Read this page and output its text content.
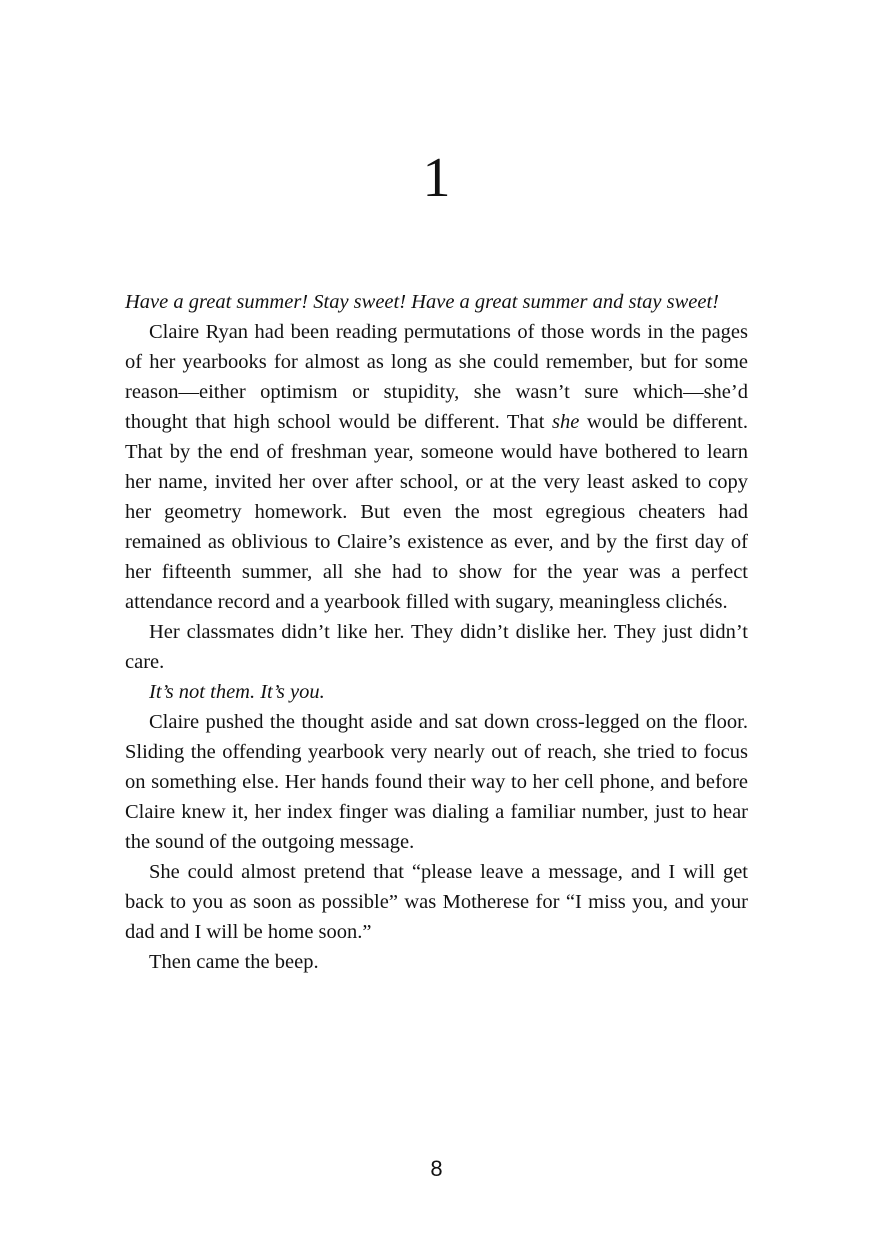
1

Have a great summer! Stay sweet! Have a great summer and stay sweet!

Claire Ryan had been reading permutations of those words in the pages of her yearbooks for almost as long as she could remember, but for some reason—either optimism or stupidity, she wasn’t sure which—she’d thought that high school would be different. That she would be different. That by the end of freshman year, someone would have bothered to learn her name, invited her over after school, or at the very least asked to copy her geometry homework. But even the most egregious cheaters had remained as oblivious to Claire’s existence as ever, and by the first day of her fifteenth summer, all she had to show for the year was a perfect attendance record and a yearbook filled with sugary, meaningless clichés.

Her classmates didn’t like her. They didn’t dislike her. They just didn’t care.

It’s not them. It’s you.

Claire pushed the thought aside and sat down cross-legged on the floor. Sliding the offending yearbook very nearly out of reach, she tried to focus on something else. Her hands found their way to her cell phone, and before Claire knew it, her index finger was dialing a familiar number, just to hear the sound of the outgoing message.

She could almost pretend that “please leave a message, and I will get back to you as soon as possible” was Motherese for “I miss you, and your dad and I will be home soon.”

Then came the beep.

8
